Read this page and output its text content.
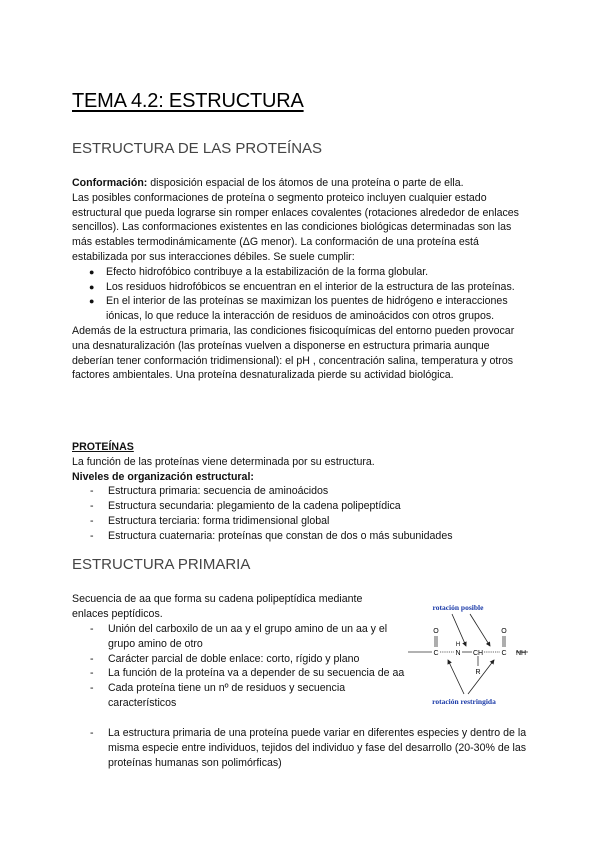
TEMA 4.2: ESTRUCTURA
ESTRUCTURA DE LAS PROTEÍNAS

Conformación: disposición espacial de los átomos de una proteína o parte de ella.

Las posibles conformaciones de proteína o segmento proteico incluyen cualquier estado estructural que pueda lograrse sin romper enlaces covalentes (rotaciones alrededor de enlaces sencillos). Las conformaciones existentes en las condiciones biológicas determinadas son las más estables termodinámicamente (ΔG menor). La conformación de una proteína está estabilizada por sus interacciones débiles. Se suele cumplir:

● Efecto hidrofóbico contribuye a la estabilización de la forma globular.
● Los residuos hidrofóbicos se encuentran en el interior de la estructura de las proteínas.
● En el interior de las proteínas se maximizan los puentes de hidrógeno e interacciones iónicas, lo que reduce la interacción de residuos de aminoácidos con otros grupos.

Además de la estructura primaria, las condiciones fisicoquímicas del entorno pueden provocar una desnaturalización (las proteínas vuelven a disponerse en estructura primaria aunque deberían tener conformación tridimensional): el pH , concentración salina, temperatura y otros factores ambientales. Una proteína desnaturalizada pierde su actividad biológica.

PROTEÍNAS

La función de las proteínas viene determinada por su estructura.

Niveles de organización estructural:

- Estructura primaria: secuencia de aminoácidos
- Estructura secundaria: plegamiento de la cadena polipeptídica
- Estructura terciaria: forma tridimensional global
- Estructura cuaternaria: proteínas que constan de dos o más subunidades
ESTRUCTURA PRIMARIA

Secuencia de aa que forma su cadena polipeptídica mediante enlaces peptídicos.

- Unión del carboxilo de un aa y el grupo amino de un aa y el grupo amino de otro
- Carácter parcial de doble enlace: corto, rígido y plano
- La función de la proteína va a depender de su secuencia de aa
- Cada proteína tiene un nº de residuos y secuencia característicos
- La estructura primaria de una proteína puede variar en diferentes especies y dentro de la misma especie entre individuos, tejidos del individuo y fase del desarrollo (20-30% de las proteínas humanas son polimórficas)
rotación posible
rotación restringida
O
C N
H
CH
R
O
C NH
